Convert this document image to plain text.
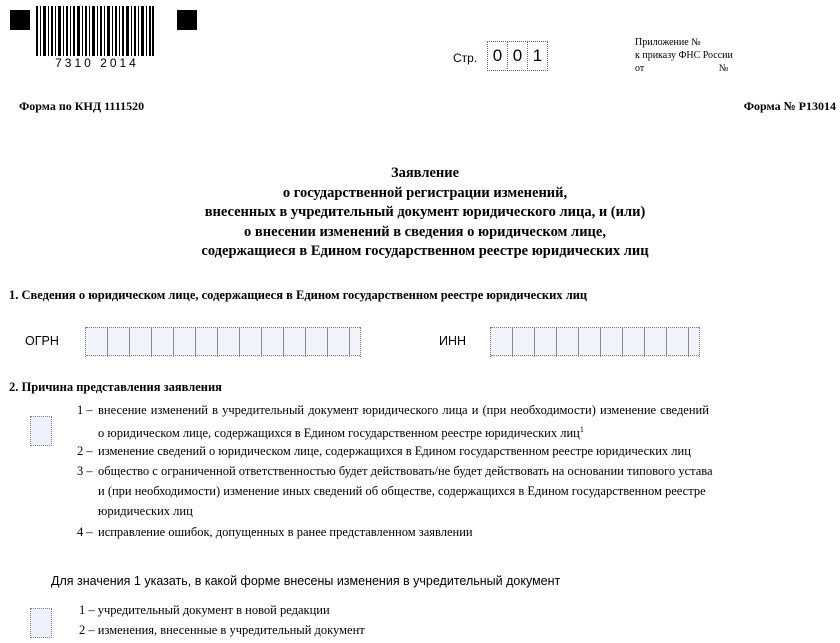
7310 2014	Стр. 0 0 1
Приложение №
к приказу ФНС России
от	№
Форма по КНД 1111520	Форма № Р13014
Заявление
о государственной регистрации изменений,
внесенных в учредительный документ юридического лица, и (или)
о внесении изменений в сведения о юридическом лице,
содержащиеся в Едином государственном реестре юридических лиц
1. Сведения о юридическом лице, содержащиеся в Едином государственном реестре юридических лиц
ОГРН	ИНН
2. Причина представления заявления
1 – внесение изменений в учредительный документ юридического лица и (при необходимости) изменение сведений
о юридическом лице, содержащихся в Едином государственном реестре юридических лиц$^1$
2 – изменение сведений о юридическом лице, содержащихся в Едином государственном реестре юридических лиц
3 – общество с ограниченной ответственностью будет действовать/не будет действовать на основании типового устава
и (при необходимости) изменение иных сведений об обществе, содержащихся в Едином государственном реестре
юридических лиц
4 – исправление ошибок, допущенных в ранее представленном заявлении
Для значения 1 указать, в какой форме внесены изменения в учредительный документ
1 – учредительный документ в новой редакции
2 – изменения, внесенные в учредительный документ
